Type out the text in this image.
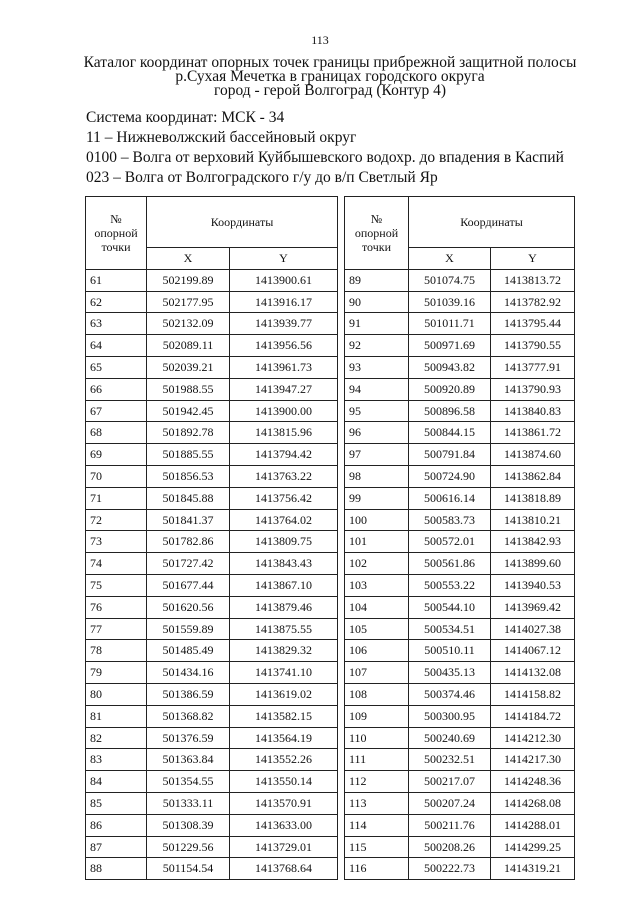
113
Каталог координат опорных точек границы прибрежной защитной полосы
р.Сухая Мечетка в границах городского округа
город - герой Волгоград (Контур 4)
Система координат: МСК - 34
11 – Нижневолжский бассейновый округ
0100 – Волга от верховий Куйбышевского водохр. до впадения в Каспий
023 – Волга от Волгоградского г/у до в/п Светлый Яр
№
опорной
точки	Координаты	
	X	Y
61	502199.89	1413900.61
62	502177.95	1413916.17
63	502132.09	1413939.77
64	502089.11	1413956.56
65	502039.21	1413961.73
66	501988.55	1413947.27
67	501942.45	1413900.00
68	501892.78	1413815.96
69	501885.55	1413794.42
70	501856.53	1413763.22
71	501845.88	1413756.42
72	501841.37	1413764.02
73	501782.86	1413809.75
74	501727.42	1413843.43
75	501677.44	1413867.10
76	501620.56	1413879.46
77	501559.89	1413875.55
78	501485.49	1413829.32
79	501434.16	1413741.10
80	501386.59	1413619.02
81	501368.82	1413582.15
82	501376.59	1413564.19
83	501363.84	1413552.26
84	501354.55	1413550.14
85	501333.11	1413570.91
86	501308.39	1413633.00
87	501229.56	1413729.01
88	501154.54	1413768.64
№
опорной
точки	Координаты	
	X	Y
89	501074.75	1413813.72
90	501039.16	1413782.92
91	501011.71	1413795.44
92	500971.69	1413790.55
93	500943.82	1413777.91
94	500920.89	1413790.93
95	500896.58	1413840.83
96	500844.15	1413861.72
97	500791.84	1413874.60
98	500724.90	1413862.84
99	500616.14	1413818.89
100	500583.73	1413810.21
101	500572.01	1413842.93
102	500561.86	1413899.60
103	500553.22	1413940.53
104	500544.10	1413969.42
105	500534.51	1414027.38
106	500510.11	1414067.12
107	500435.13	1414132.08
108	500374.46	1414158.82
109	500300.95	1414184.72
110	500240.69	1414212.30
111	500232.51	1414217.30
112	500217.07	1414248.36
113	500207.24	1414268.08
114	500211.76	1414288.01
115	500208.26	1414299.25
116	500222.73	1414319.21
